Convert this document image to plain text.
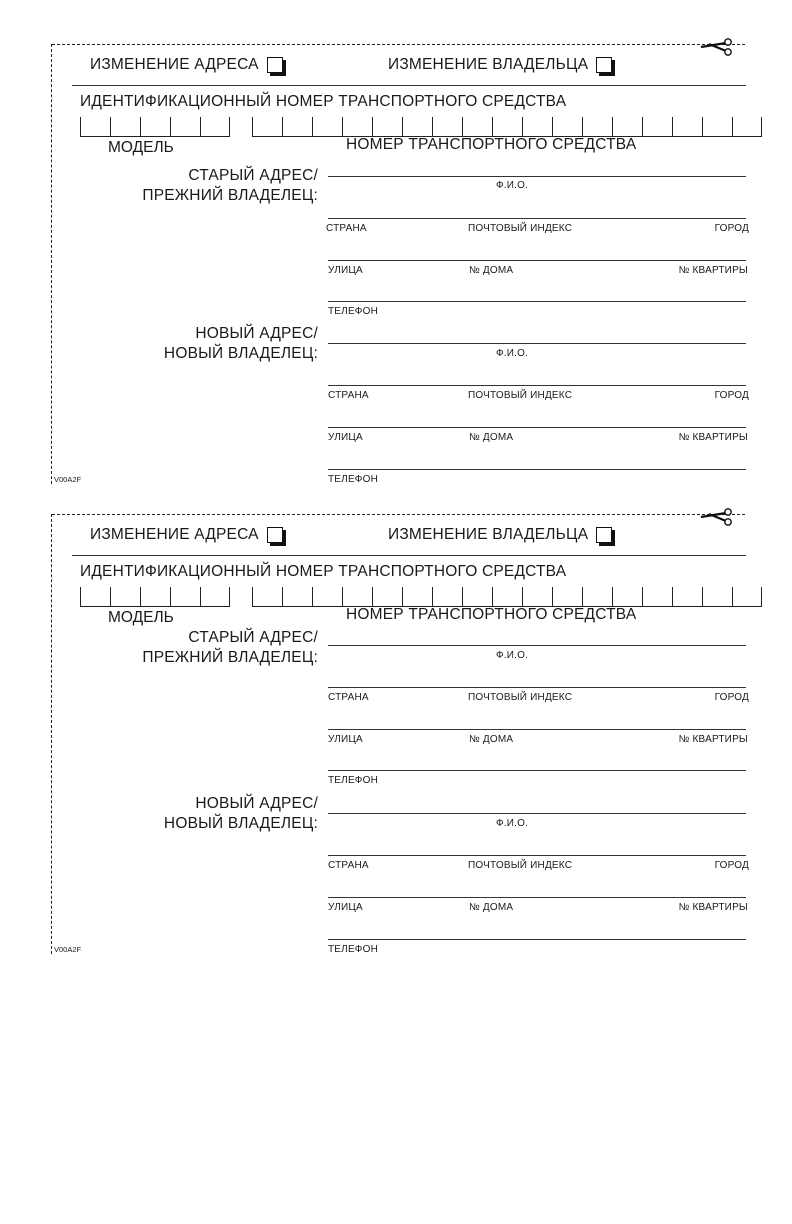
ИЗМЕНЕНИЕ АДРЕСА	ИЗМЕНЕНИЕ ВЛАДЕЛЬЦА
ИДЕНТИФИКАЦИОННЫЙ НОМЕР ТРАНСПОРТНОГО СРЕДСТВА
МОДЕЛЬ	НОМЕР ТРАНСПОРТНОГО СРЕДСТВА
СТАРЫЙ АДРЕС/
ПРЕЖНИЙ ВЛАДЕЛЕЦ:
Ф.И.О.
СТРАНА	ПОЧТОВЫЙ ИНДЕКС	ГОРОД
УЛИЦА	№ ДОМА	№ КВАРТИРЫ
ТЕЛЕФОН
НОВЫЙ АДРЕС/
НОВЫЙ ВЛАДЕЛЕЦ:	Ф.И.О.
СТРАНА	ПОЧТОВЫЙ ИНДЕКС	ГОРОД
УЛИЦА	№ ДОМА	№ КВАРТИРЫ
ТЕЛЕФОН
V00A2F
ИЗМЕНЕНИЕ АДРЕСА	ИЗМЕНЕНИЕ ВЛАДЕЛЬЦА
ИДЕНТИФИКАЦИОННЫЙ НОМЕР ТРАНСПОРТНОГО СРЕДСТВА
МОДЕЛЬ	НОМЕР ТРАНСПОРТНОГО СРЕДСТВА
СТАРЫЙ АДРЕС/
ПРЕЖНИЙ ВЛАДЕЛЕЦ:	Ф.И.О.
СТРАНА	ПОЧТОВЫЙ ИНДЕКС	ГОРОД
УЛИЦА	№ ДОМА	№ КВАРТИРЫ
ТЕЛЕФОН
НОВЫЙ АДРЕС/
НОВЫЙ ВЛАДЕЛЕЦ:	Ф.И.О.
СТРАНА	ПОЧТОВЫЙ ИНДЕКС	ГОРОД
УЛИЦА	№ ДОМА	№ КВАРТИРЫ
ТЕЛЕФОН
V00A2F
